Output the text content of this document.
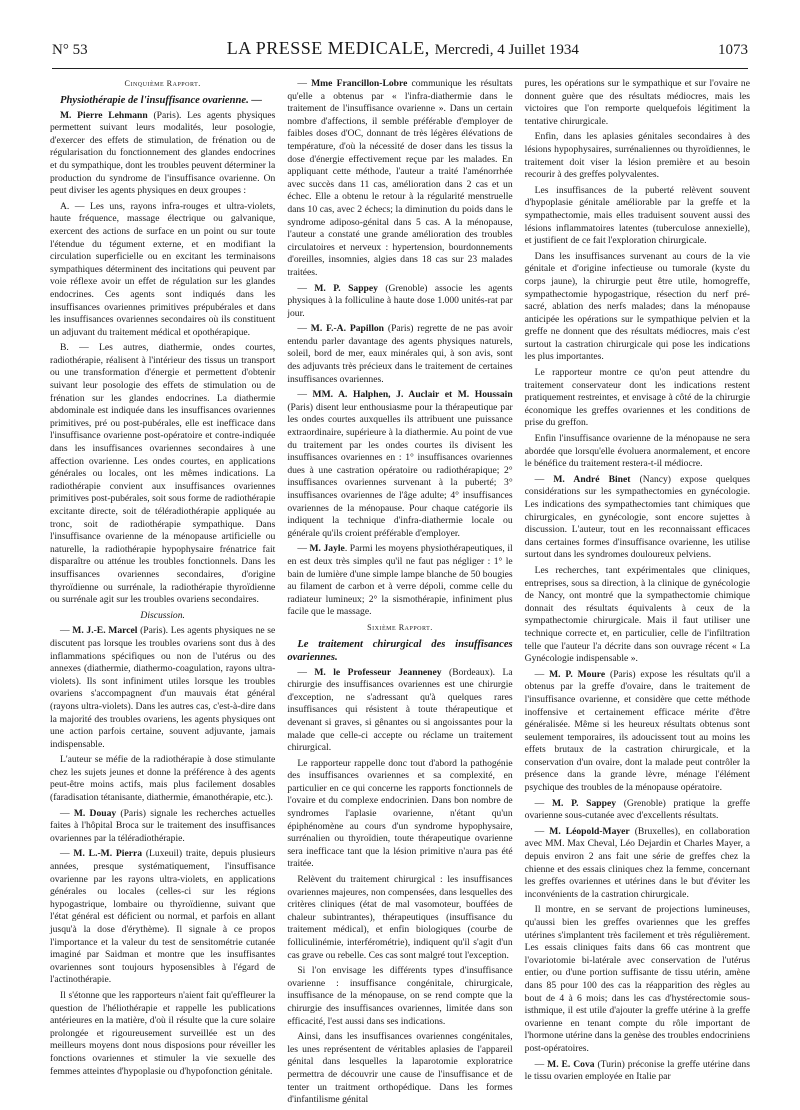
N° 53	LA PRESSE MEDICALE, Mercredi, 4 Juillet 1934	1073

Cinquième Rapport.

Physiothérapie de l'insuffisance ovarienne. —

M. Pierre Lehmann (Paris). Les agents physiques permettent suivant leurs modalités, leur posologie, d'exercer des effets de stimulation, de frénation ou de régularisation du fonctionnement des glandes endocrines et du sympathique, dont les troubles peuvent déterminer la production du syndrome de l'insuffisance ovarienne. On peut diviser les agents physiques en deux groupes :

A. — Les uns, rayons infra-rouges et ultra-violets, haute fréquence, massage électrique ou galvanique, exercent des actions de surface en un point ou sur toute l'étendue du tégument externe, et en modifiant la circulation superficielle ou en excitant les terminaisons sympathiques déterminent des incitations qui peuvent par voie réflexe avoir un effet de régulation sur les glandes endocrines. Ces agents sont indiqués dans les insuffisances ovariennes primitives prépubérales et dans les insuffisances ovariennes secondaires où ils constituent un adjuvant du traitement médical et opothérapique.

B. — Les autres, diathermie, ondes courtes, radiothérapie, réalisent à l'intérieur des tissus un transport ou une transformation d'énergie et permettent d'obtenir suivant leur posologie des effets de stimulation ou de frénation sur les glandes endocrines. La diathermie abdominale est indiquée dans les insuffisances ovariennes primitives, pré ou post-pubérales, elle est inefficace dans l'insuffisance ovarienne post-opératoire et contre-indiquée dans les insuffisances ovariennes secondaires à une affection ovarienne. Les ondes courtes, en applications générales ou locales, ont les mêmes indications. La radiothérapie convient aux insuffisances ovariennes primitives post-pubérales, soit sous forme de radiothérapie excitante directe, soit de téléradiothérapie appliquée au tronc, soit de radiothérapie sympathique. Dans l'insuffisance ovarienne de la ménopause artificielle ou naturelle, la radiothérapie hypophysaire frénatrice fait disparaître ou atténue les troubles fonctionnels. Dans les insuffisances ovariennes secondaires, d'origine thyroïdienne ou surrénale, la radiothérapie thyroïdienne ou surrénale agit sur les troubles ovariens secondaires.

Discussion.

— M. J.-E. Marcel (Paris). Les agents physiques ne se discutent pas lorsque les troubles ovariens sont dus à des inflammations spécifiques ou non de l'utérus ou des annexes (diathermie, diathermo-coagulation, rayons ultra-violets). Ils sont infiniment utiles lorsque les troubles ovariens s'accompagnent d'un mauvais état général (rayons ultra-violets). Dans les autres cas, c'est-à-dire dans la majorité des troubles ovariens, les agents physiques ont une action parfois certaine, souvent adjuvante, jamais indispensable.

L'auteur se méfie de la radiothérapie à dose stimulante chez les sujets jeunes et donne la préférence à des agents peut-être moins actifs, mais plus facilement dosables (faradisation tétanisante, diathermie, émanothérapie, etc.).

— M. Douay (Paris) signale les recherches actuelles faites à l'hôpital Broca sur le traitement des insuffisances ovariennes par la téléradiothérapie.

— M. L.-M. Pierra (Luxeuil) traite, depuis plusieurs années, presque systématiquement, l'insuffisance ovarienne par les rayons ultra-violets, en applications générales ou locales (celles-ci sur les régions hypogastrique, lombaire ou thyroïdienne, suivant que l'état général est déficient ou normal, et parfois en allant jusqu'à la dose d'érythème). Il signale à ce propos l'importance et la valeur du test de sensitométrie cutanée imaginé par Saidman et montre que les insuffisantes ovariennes sont toujours hyposensibles à l'égard de l'actinothérapie.

Il s'étonne que les rapporteurs n'aient fait qu'effleurer la question de l'héliothérapie et rappelle les publications antérieures en la matière, d'où il résulte que la cure solaire prolongée et rigoureusement surveillée est un des meilleurs moyens dont nous disposions pour réveiller les fonctions ovariennes et stimuler la vie sexuelle des femmes atteintes d'hypoplasie ou d'hypofonction génitale.

— Mme Francillon-Lobre communique les résultats qu'elle a obtenus par « l'infra-diathermie dans le traitement de l'insuffisance ovarienne ». Dans un certain nombre d'affections, il semble préférable d'employer de faibles doses d'OC, donnant de très légères élévations de température, d'où la nécessité de doser dans les tissus la dose d'énergie effectivement reçue par les malades. En appliquant cette méthode, l'auteur a traité l'aménorrhée avec succès dans 11 cas, amélioration dans 2 cas et un échec. Elle a obtenu le retour à la régularité menstruelle dans 10 cas, avec 2 échecs; la diminution du poids dans le syndrome adiposo-génital dans 5 cas. A la ménopause, l'auteur a constaté une grande amélioration des troubles circulatoires et nerveux : hypertension, bourdonnements d'oreilles, insomnies, algies dans 18 cas sur 23 malades traitées.

— M. P. Sappey (Grenoble) associe les agents physiques à la folliculine à haute dose 1.000 unités-rat par jour.

— M. F.-A. Papillon (Paris) regrette de ne pas avoir entendu parler davantage des agents physiques naturels, soleil, bord de mer, eaux minérales qui, à son avis, sont des adjuvants très précieux dans le traitement de certaines insuffisances ovariennes.

— MM. A. Halphen, J. Auclair et M. Houssain (Paris) disent leur enthousiasme pour la thérapeutique par les ondes courtes auxquelles ils attribuent une puissance extraordinaire, supérieure à la diathermie. Au point de vue du traitement par les ondes courtes ils divisent les insuffisances ovariennes en : 1° insuffisances ovariennes dues à une castration opératoire ou radiothérapique; 2° insuffisances ovariennes survenant à la puberté; 3° insuffisances ovariennes de l'âge adulte; 4° insuffisances ovariennes de la ménopause. Pour chaque catégorie ils indiquent la technique d'infra-diathermie locale ou générale qu'ils croient préférable d'employer.

— M. Jayle. Parmi les moyens physiothérapeutiques, il en est deux très simples qu'il ne faut pas négliger : 1° le bain de lumière d'une simple lampe blanche de 50 bougies au filament de carbon et à verre dépoli, comme celle du radiateur lumineux; 2° la sismothérapie, infiniment plus facile que le massage.

Sixième Rapport.

Le traitement chirurgical des insuffisances ovariennes.

— M. le Professeur Jeanneney (Bordeaux). La chirurgie des insuffisances ovariennes est une chirurgie d'exception, ne s'adressant qu'à quelques rares insuffisances qui résistent à toute thérapeutique et devenant si graves, si gênantes ou si angoissantes pour la malade que celle-ci accepte ou réclame un traitement chirurgical.

Le rapporteur rappelle donc tout d'abord la pathogénie des insuffisances ovariennes et sa complexité, en particulier en ce qui concerne les rapports fonctionnels de l'ovaire et du complexe endocrinien. Dans bon nombre de syndromes l'aplasie ovarienne, n'étant qu'un épiphénomène au cours d'un syndrome hypophysaire, surrénalien ou thyroïdien, toute thérapeutique ovarienne sera inefficace tant que la lésion primitive n'aura pas été traitée.

Relèvent du traitement chirurgical : les insuffisances ovariennes majeures, non compensées, dans lesquelles des critères cliniques (état de mal vasomoteur, bouffées de chaleur subintrantes), thérapeutiques (insuffisance du traitement médical), et enfin biologiques (courbe de folliculinémie, interférométrie), indiquent qu'il s'agit d'un cas grave ou rebelle. Ces cas sont malgré tout l'exception.

Si l'on envisage les différents types d'insuffisance ovarienne : insuffisance congénitale, chirurgicale, insuffisance de la ménopause, on se rend compte que la chirurgie des insuffisances ovariennes, limitée dans son efficacité, l'est aussi dans ses indications.

Ainsi, dans les insuffisances ovariennes congénitales, les unes représentent de véritables aplasies de l'appareil génital dans lesquelles la laparotomie exploratrice permettra de découvrir une cause de l'insuffisance et de tenter un traitment orthopédique. Dans les formes d'infantilisme génital

pures, les opérations sur le sympathique et sur l'ovaire ne donnent guère que des résultats médiocres, mais les victoires que l'on remporte quelquefois légitiment la tentative chirurgicale.

Enfin, dans les aplasies génitales secondaires à des lésions hypophysaires, surrénaliennes ou thyroïdiennes, le traitement doit viser la lésion première et au besoin recourir à des greffes polyvalentes.

Les insuffisances de la puberté relèvent souvent d'hypoplasie génitale améliorable par la greffe et la sympathectomie, mais elles traduisent souvent aussi des lésions inflammatoires latentes (tuberculose annexielle), et justifient de ce fait l'exploration chirurgicale.

Dans les insuffisances survenant au cours de la vie génitale et d'origine infectieuse ou tumorale (kyste du corps jaune), la chirurgie peut être utile, homogreffe, sympathectomie hypogastrique, résection du nerf pré-sacré, ablation des nerfs malades; dans la ménopause anticipée les opérations sur le sympathique pelvien et la greffe ne donnent que des résultats médiocres, mais c'est surtout la castration chirurgicale qui pose les indications les plus importantes.

Le rapporteur montre ce qu'on peut attendre du traitement conservateur dont les indications restent pratiquement restreintes, et envisage à côté de la chirurgie économique les greffes ovariennes et les conditions de prise du greffon.

Enfin l'insuffisance ovarienne de la ménopause ne sera abordée que lorsqu'elle évoluera anormalement, et encore le bénéfice du traitement restera-t-il médiocre.

— M. André Binet (Nancy) expose quelques considérations sur les sympathectomies en gynécologie. Les indications des sympathectomies tant chimiques que chirurgicales, en gynécologie, sont encore sujettes à discussion. L'auteur, tout en les reconnaissant efficaces dans certaines formes d'insuffisance ovarienne, les utilise surtout dans les syndromes douloureux pelviens.

Les recherches, tant expérimentales que cliniques, entreprises, sous sa direction, à la clinique de gynécologie de Nancy, ont montré que la sympathectomie chimique donnait des résultats équivalents à ceux de la sympathectomie chirurgicale. Mais il faut utiliser une technique correcte et, en particulier, celle de l'infiltration telle que l'auteur l'a décrite dans son ouvrage récent « La Gynécologie indispensable ».

— M. P. Moure (Paris) expose les résultats qu'il a obtenus par la greffe d'ovaire, dans le traitement de l'insuffisance ovarienne, et considère que cette méthode inoffensive et certainement efficace mérite d'être généralisée. Même si les heureux résultats obtenus sont seulement temporaires, ils adoucissent tout au moins les effets brutaux de la castration chirurgicale, et la conservation d'un ovaire, dont la malade peut contrôler la présence dans la grande lèvre, ménage l'élément psychique des troubles de la ménopause opératoire.

— M. P. Sappey (Grenoble) pratique la greffe ovarienne sous-cutanée avec d'excellents résultats.

— M. Léopold-Mayer (Bruxelles), en collaboration avec MM. Max Cheval, Léo Dejardin et Charles Mayer, a depuis environ 2 ans fait une série de greffes chez la chienne et des essais cliniques chez la femme, concernant les greffes ovariennes et utérines dans le but d'éviter les inconvénients de la castration chirurgicale.

Il montre, en se servant de projections lumineuses, qu'aussi bien les greffes ovariennes que les greffes utérines s'implantent très facilement et très régulièrement. Les essais cliniques faits dans 66 cas montrent que l'ovariotomie bi-latérale avec conservation de l'utérus entier, ou d'une portion suffisante de tissu utérin, amène dans 85 pour 100 des cas la réapparition des règles au bout de 4 à 6 mois; dans les cas d'hystérectomie sous-isthmique, il est utile d'ajouter la greffe utérine à la greffe ovarienne en tenant compte du rôle important de l'hormone utérine dans la genèse des troubles endocriniens post-opératoires.

— M. E. Cova (Turin) préconise la greffe utérine dans le tissu ovarien employée en Italie par
